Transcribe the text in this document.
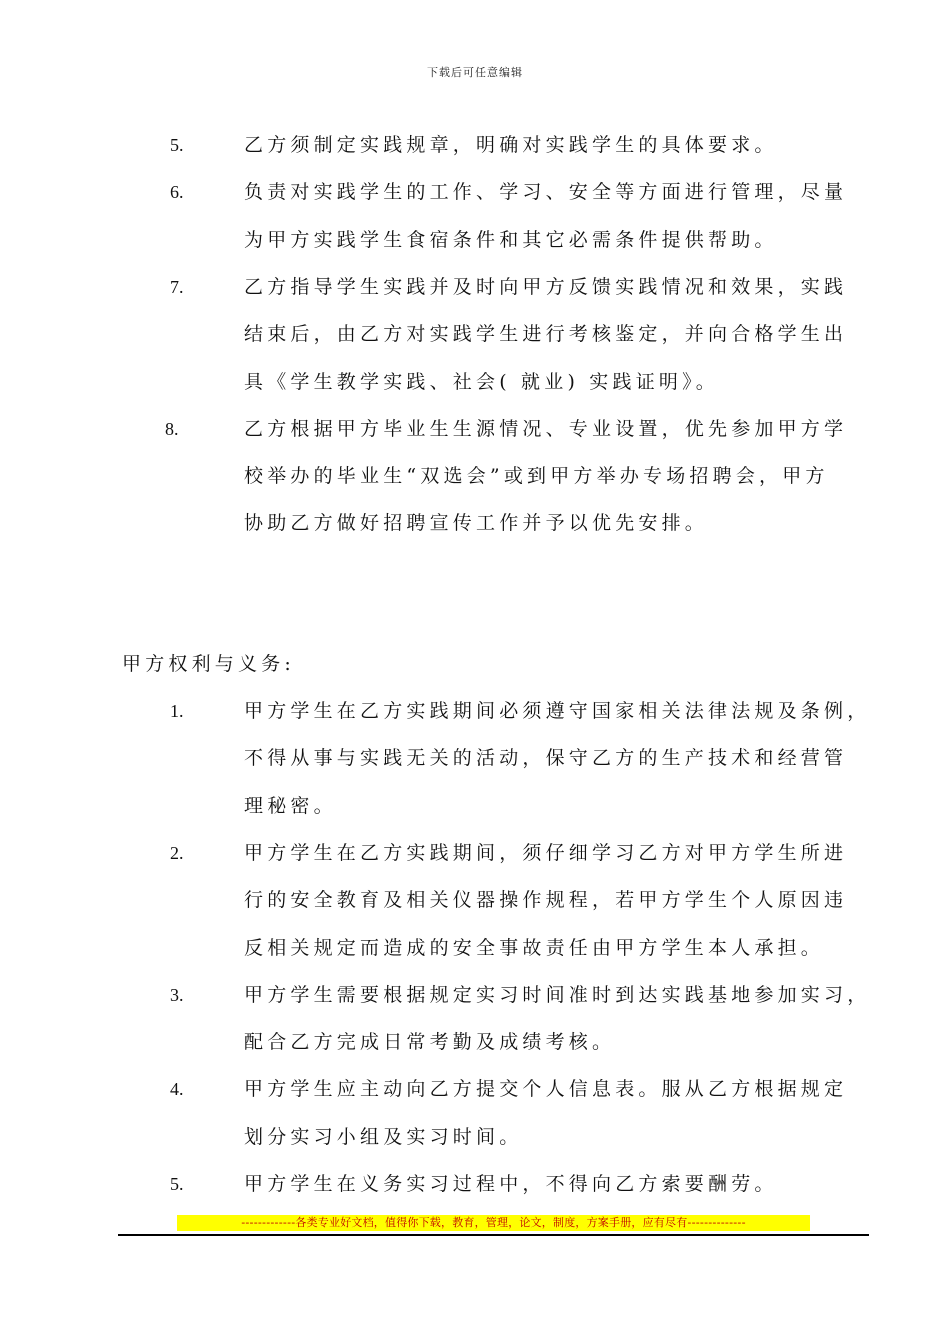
下载后可任意编辑
5.	乙方须制定实践规章，明确对实践学生的具体要求。
6.	负责对实践学生的工作、学习、安全等方面进行管理，尽量
为甲方实践学生食宿条件和其它必需条件提供帮助。
7.	乙方指导学生实践并及时向甲方反馈实践情况和效果，实践
结束后，由乙方对实践学生进行考核鉴定，并向合格学生出
具《学生教学实践、社会( 就业) 实践证明》。
8.	乙方根据甲方毕业生生源情况、专业设置，优先参加甲方学
校举办的毕业生“双选会”或到甲方举办专场招聘会，甲方
协助乙方做好招聘宣传工作并予以优先安排。
甲方权利与义务:
1.	甲方学生在乙方实践期间必须遵守国家相关法律法规及条例，
不得从事与实践无关的活动，保守乙方的生产技术和经营管
理秘密。
2.	甲方学生在乙方实践期间，须仔细学习乙方对甲方学生所进
行的安全教育及相关仪器操作规程，若甲方学生个人原因违
反相关规定而造成的安全事故责任由甲方学生本人承担。
3.	甲方学生需要根据规定实习时间准时到达实践基地参加实习，
配合乙方完成日常考勤及成绩考核。
4.	甲方学生应主动向乙方提交个人信息表。服从乙方根据规定
划分实习小组及实习时间。
5.	甲方学生在义务实习过程中，不得向乙方索要酬劳。
-------------各类专业好文档，值得你下载，教育，管理，论文，制度，方案手册，应有尽有--------------
